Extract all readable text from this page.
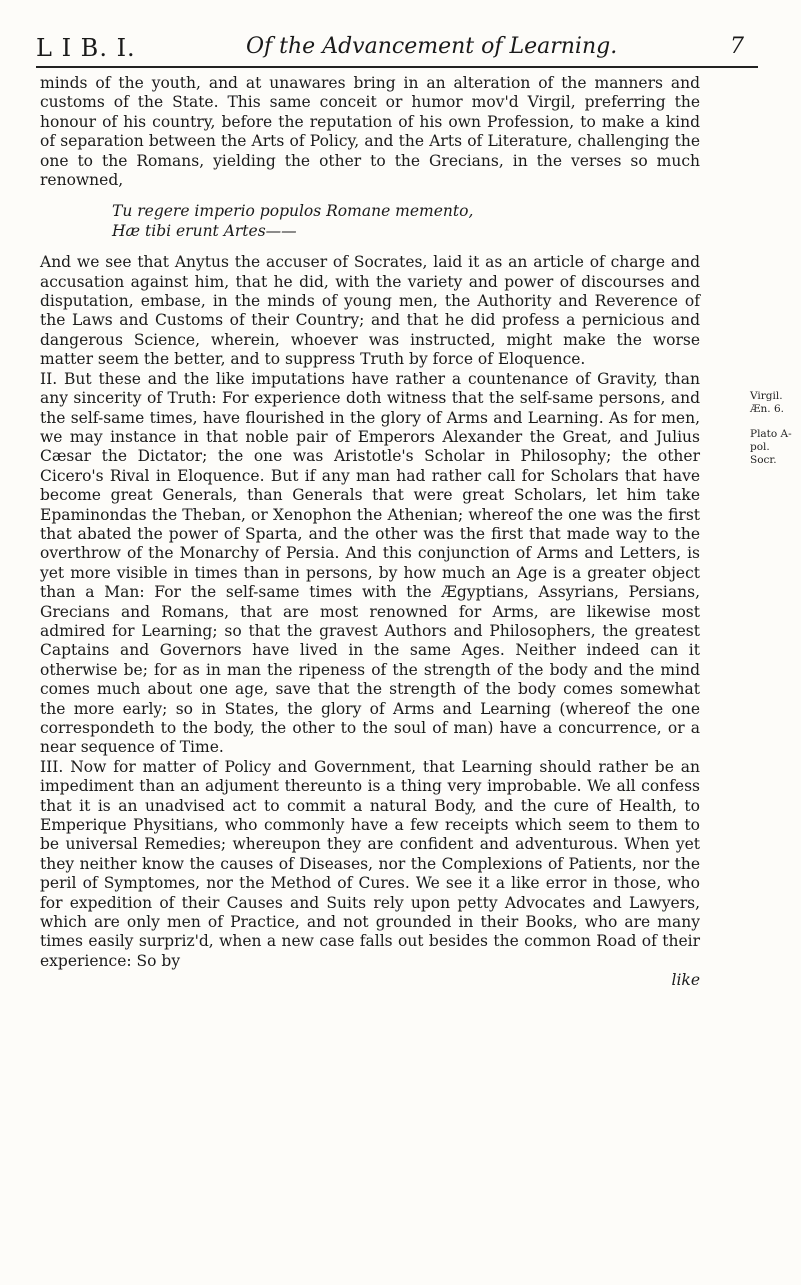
L I B. I.	Of the Advancement of Learning.	7

minds of the youth, and at unawares bring in an alteration of the manners and customs of the State. This same conceit or humor mov'd Virgil, preferring the honour of his country, before the reputation of his own Profession, to make a kind of separation between the Arts of Policy, and the Arts of Literature, challenging the one to the Romans, yielding the other to the Grecians, in the verses so much renowned,

Tu regere imperio populos Romane memento,
Hæ tibi erunt Artes——

And we see that Anytus the accuser of Socrates, laid it as an article of charge and accusation against him, that he did, with the variety and power of discourses and disputation, embase, in the minds of young men, the Authority and Reverence of the Laws and Customs of their Country; and that he did profess a pernicious and dangerous Science, wherein, whoever was instructed, might make the worse matter seem the better, and to suppress Truth by force of Eloquence.

II. But these and the like imputations have rather a countenance of Gravity, than any sincerity of Truth: For experience doth witness that the self-same persons, and the self-same times, have flourished in the glory of Arms and Learning. As for men, we may instance in that noble pair of Emperors Alexander the Great, and Julius Cæsar the Dictator; the one was Aristotle's Scholar in Philosophy; the other Cicero's Rival in Eloquence. But if any man had rather call for Scholars that have become great Generals, than Generals that were great Scholars, let him take Epaminondas the Theban, or Xenophon the Athenian; whereof the one was the first that abated the power of Sparta, and the other was the first that made way to the overthrow of the Monarchy of Persia. And this conjunction of Arms and Letters, is yet more visible in times than in persons, by how much an Age is a greater object than a Man: For the self-same times with the Ægyptians, Assyrians, Persians, Grecians and Romans, that are most renowned for Arms, are likewise most admired for Learning; so that the gravest Authors and Philosophers, the greatest Captains and Governors have lived in the same Ages. Neither indeed can it otherwise be; for as in man the ripeness of the strength of the body and the mind comes much about one age, save that the strength of the body comes somewhat the more early; so in States, the glory of Arms and Learning (whereof the one correspondeth to the body, the other to the soul of man) have a concurrence, or a near sequence of Time.

III. Now for matter of Policy and Government, that Learning should rather be an impediment than an adjument thereunto is a thing very improbable. We all confess that it is an unadvised act to commit a natural Body, and the cure of Health, to Emperique Physitians, who commonly have a few receipts which seem to them to be universal Remedies; whereupon they are confident and adventurous. When yet they neither know the causes of Diseases, nor the Complexions of Patients, nor the peril of Symptomes, nor the Method of Cures. We see it a like error in those, who for expedition of their Causes and Suits rely upon petty Advocates and Lawyers, which are only men of Practice, and not grounded in their Books, who are many times easily surpriz'd, when a new case falls out besides the common Road of their experience: So by

like
Virgil. Æn. 6.
Plato A-pol. Socr.
